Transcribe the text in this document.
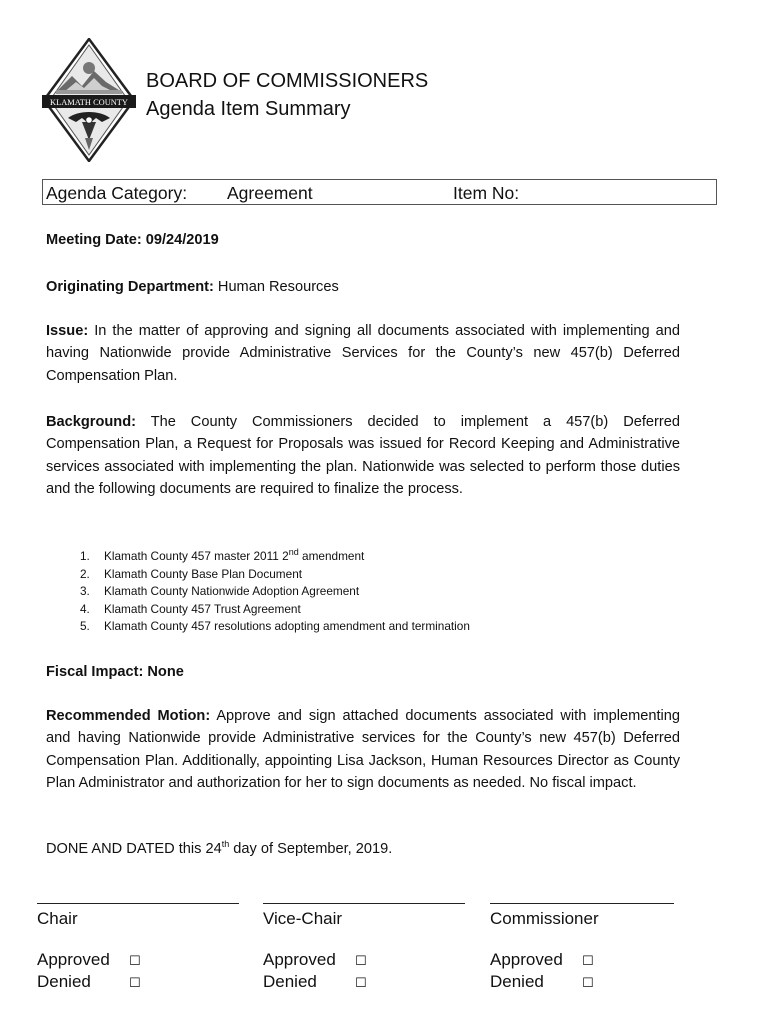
KLAMATH COUNTY
BOARD OF COMMISSIONERS
Agenda Item Summary
Agenda Category: Agreement	Item No:
Meeting Date: 09/24/2019
Originating Department: Human Resources
Issue: In the matter of approving and signing all documents associated with implementing and having Nationwide provide Administrative Services for the County’s new 457(b) Deferred Compensation Plan.
Background: The County Commissioners decided to implement a 457(b) Deferred Compensation Plan, a Request for Proposals was issued for Record Keeping and Administrative services associated with implementing the plan. Nationwide was selected to perform those duties and the following documents are required to finalize the process.
1. Klamath County 457 master 2011 2nd amendment
2. Klamath County Base Plan Document
3. Klamath County Nationwide Adoption Agreement
4. Klamath County 457 Trust Agreement
5. Klamath County 457 resolutions adopting amendment and termination
Fiscal Impact: None
Recommended Motion: Approve and sign attached documents associated with implementing and having Nationwide provide Administrative services for the County’s new 457(b) Deferred Compensation Plan. Additionally, appointing Lisa Jackson, Human Resources Director as County Plan Administrator and authorization for her to sign documents as needed. No fiscal impact.
DONE AND DATED this 24th day of September, 2019.
Chair
Approved ☐
Denied	☐
Vice-Chair
Approved ☐
Denied	☐
Commissioner
Approved ☐
Denied	☐
